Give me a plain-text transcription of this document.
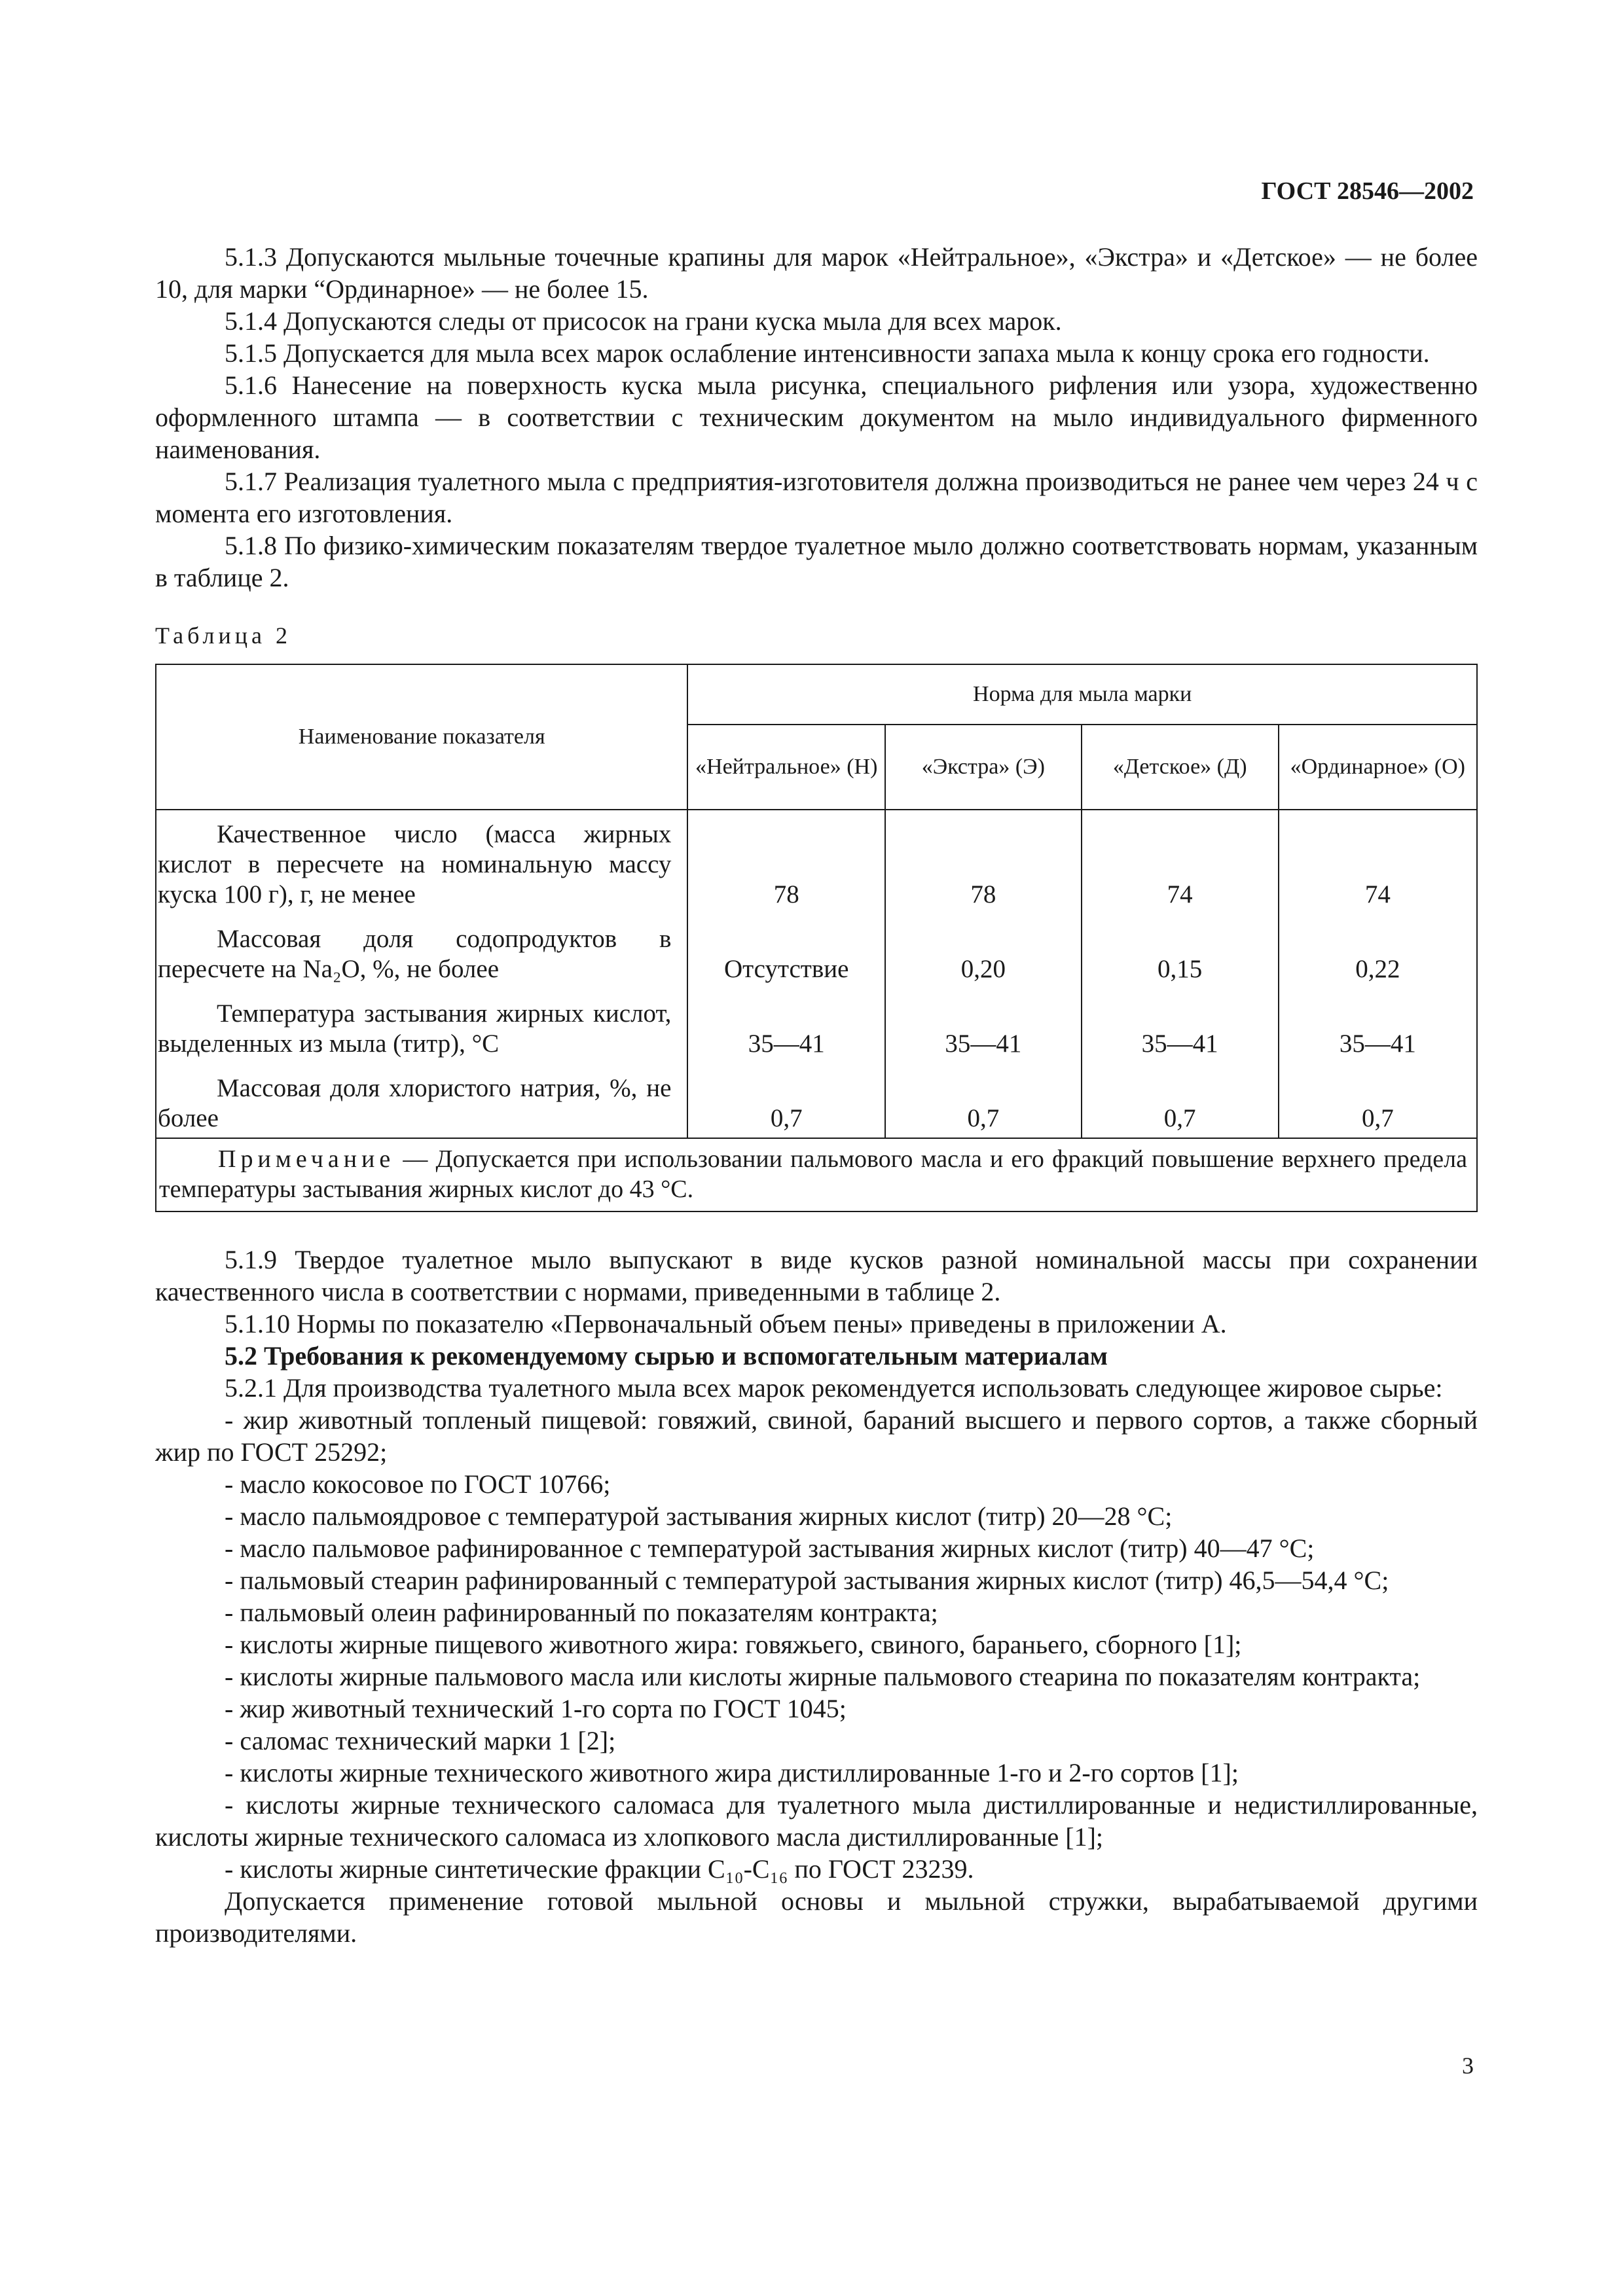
ГОСТ 28546—2002

5.1.3 Допускаются мыльные точечные крапины для марок «Нейтральное», «Экстра» и «Детское» — не более 10, для марки “Ординарное» — не более 15.

5.1.4 Допускаются следы от присосок на грани куска мыла для всех марок.

5.1.5 Допускается для мыла всех марок ослабление интенсивности запаха мыла к концу срока его годности.

5.1.6 Нанесение на поверхность куска мыла рисунка, специального рифления или узора, художественно оформленного штампа — в соответствии с техническим документом на мыло индивидуального фирменного наименования.

5.1.7 Реализация туалетного мыла с предприятия-изготовителя должна производиться не ранее чем через 24 ч с момента его изготовления.

5.1.8 По физико-химическим показателям твердое туалетное мыло должно соответствовать нормам, указанным в таблице 2.

Таблица 2
Наименование показателя	Норма для мыла марки			
	«Нейтральное» (Н)	«Экстра» (Э)	«Детское» (Д)	«Ординарное» (О)
Качественное число (масса жирных кислот в пересчете на номинальную массу куска 100 г), г, не менее	78	78	74	74
Массовая доля содопродуктов в пересчете на Na₂O, %, не более	Отсутствие	0,20	0,15	0,22
Температура застывания жирных кислот, выделенных из мыла (титр), °С	35—41	35—41	35—41	35—41
Массовая доля хлористого натрия, %, не более	0,7	0,7	0,7	0,7
Примечание — Допускается при использовании пальмового масла и его фракций повышение верхнего предела температуры застывания жирных кислот до 43 °С.				

5.1.9 Твердое туалетное мыло выпускают в виде кусков разной номинальной массы при сохранении качественного числа в соответствии с нормами, приведенными в таблице 2.

5.1.10 Нормы по показателю «Первоначальный объем пены» приведены в приложении А.

5.2 Требования к рекомендуемому сырью и вспомогательным материалам

5.2.1 Для производства туалетного мыла всех марок рекомендуется использовать следующее жировое сырье:

- жир животный топленый пищевой: говяжий, свиной, бараний высшего и первого сортов, а также сборный жир по ГОСТ 25292;

- масло кокосовое по ГОСТ 10766;

- масло пальмоядровое с температурой застывания жирных кислот (титр) 20—28 °С;

- масло пальмовое рафинированное с температурой застывания жирных кислот (титр) 40—47 °С;

- пальмовый стеарин рафинированный с температурой застывания жирных кислот (титр) 46,5—54,4 °С;

- пальмовый олеин рафинированный по показателям контракта;

- кислоты жирные пищевого животного жира: говяжьего, свиного, бараньего, сборного [1];

- кислоты жирные пальмового масла или кислоты жирные пальмового стеарина по показателям контракта;

- жир животный технический 1-го сорта по ГОСТ 1045;

- саломас технический марки 1 [2];

- кислоты жирные технического животного жира дистиллированные 1-го и 2-го сортов [1];

- кислоты жирные технического саломаса для туалетного мыла дистиллированные и недистиллированные, кислоты жирные технического саломаса из хлопкового масла дистиллированные [1];

- кислоты жирные синтетические фракции С₁₀-С₁₆ по ГОСТ 23239.

Допускается применение готовой мыльной основы и мыльной стружки, вырабатываемой другими производителями.

3
